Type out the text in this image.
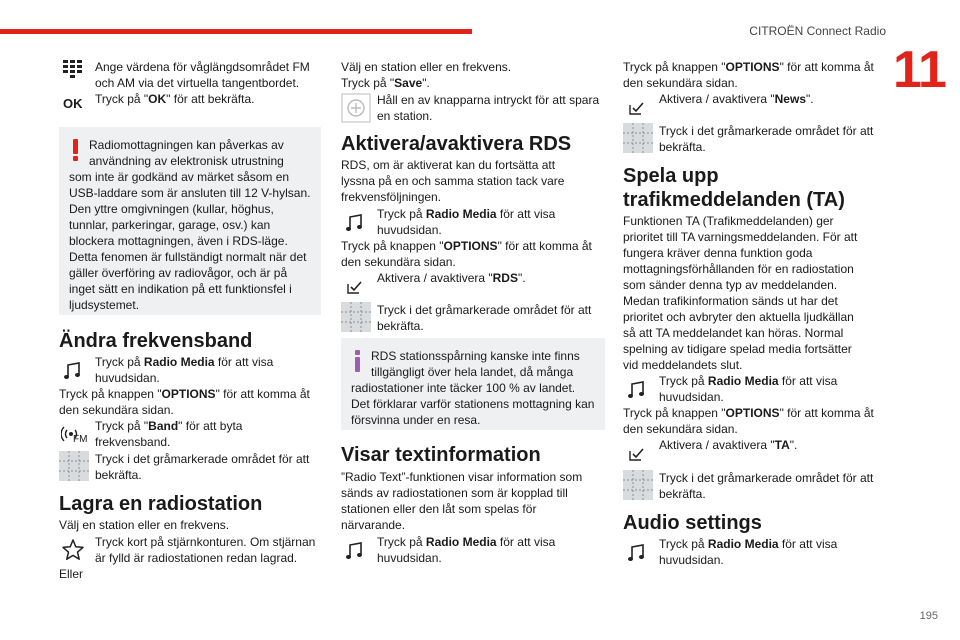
CITROËN Connect Radio
11
195
OK
Ange värdena för våglängdsområdet FM och AM via det virtuella tangentbordet.
Tryck på "OK" för att bekräfta.
Radiomottagningen kan påverkas av användning av elektronisk utrustning
som inte är godkänd av märket såsom en USB-laddare som är ansluten till 12 V-hylsan. Den yttre omgivningen (kullar, höghus, tunnlar, parkeringar, garage, osv.) kan blockera mottagningen, även i RDS-läge. Detta fenomen är fullständigt normalt när det gäller överföring av radiovågor, och är på inget sätt en indikation på ett funktionsfel i ljudsystemet.
Ändra frekvensband
Tryck på Radio Media för att visa huvudsidan.
Tryck på knappen "OPTIONS" för att komma åt den sekundära sidan.
FM
Tryck på "Band" för att byta frekvensband.
Tryck i det gråmarkerade området för att bekräfta.
Lagra en radiostation
Välj en station eller en frekvens.
Tryck kort på stjärnkonturen. Om stjärnan är fylld är radiostationen redan lagrad.
Eller
Välj en station eller en frekvens.
Tryck på "Save".
Håll en av knapparna intryckt för att spara en station.
Aktivera/avaktivera RDS
RDS, om är aktiverat kan du fortsätta att lyssna på en och samma station tack vare frekvensföljningen.
Tryck på Radio Media för att visa huvudsidan.
Tryck på knappen "OPTIONS" för att komma åt den sekundära sidan.
Aktivera / avaktivera "RDS".
Tryck i det gråmarkerade området för att bekräfta.
RDS stationsspårning kanske inte finns tillgängligt över hela landet, då många
radiostationer inte täcker 100 % av landet. Det förklarar varför stationens mottagning kan försvinna under en resa.
Visar textinformation
”Radio Text”-funktionen visar information som sänds av radiostationen som är kopplad till stationen eller den låt som spelas för närvarande.
Tryck på Radio Media för att visa huvudsidan.
Tryck på knappen "OPTIONS" för att komma åt den sekundära sidan.
Aktivera / avaktivera "News".
Tryck i det gråmarkerade området för att bekräfta.
Spela upp trafikmeddelanden (TA)
Funktionen TA (Trafikmeddelanden) ger prioritet till TA varningsmeddelanden. För att fungera kräver denna funktion goda mottagningsförhållanden för en radiostation som sänder denna typ av meddelanden. Medan trafikinformation sänds ut har det prioritet och avbryter den aktuella ljudkällan så att TA meddelandet kan höras. Normal spelning av tidigare spelad media fortsätter vid meddelandets slut.
Tryck på Radio Media för att visa huvudsidan.
Tryck på knappen "OPTIONS" för att komma åt den sekundära sidan.
Aktivera / avaktivera "TA".
Tryck i det gråmarkerade området för att bekräfta.
Audio settings
Tryck på Radio Media för att visa huvudsidan.
